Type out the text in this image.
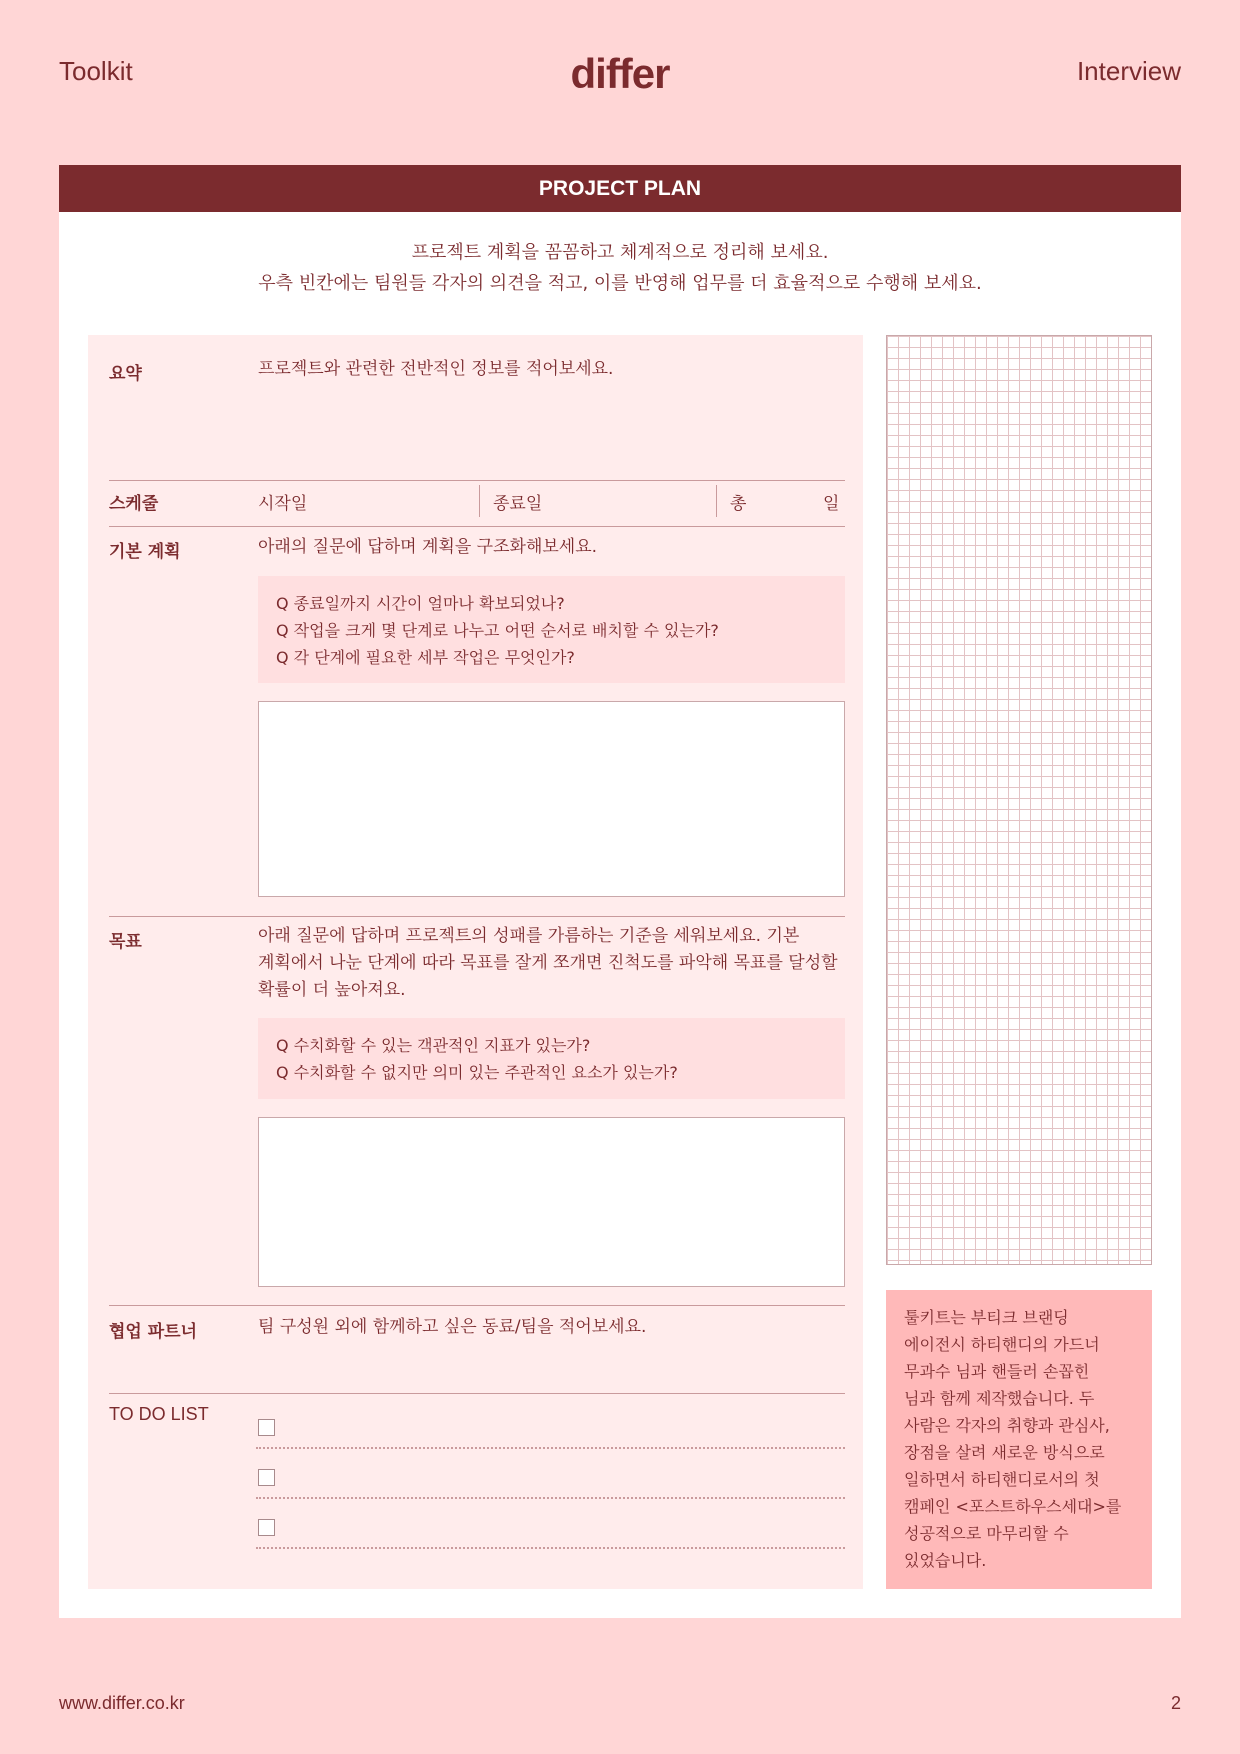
Toolkit	differ	Interview
PROJECT PLAN
프로젝트 계획을 꼼꼼하고 체계적으로 정리해 보세요.
우측 빈칸에는 팀원들 각자의 의견을 적고, 이를 반영해 업무를 더 효율적으로 수행해 보세요.
요약	프로젝트와 관련한 전반적인 정보를 적어보세요.
스케줄	시작일	종료일	총	일
기본 계획	아래의 질문에 답하며 계획을 구조화해보세요.
Q 종료일까지 시간이 얼마나 확보되었나?
Q 작업을 크게 몇 단계로 나누고 어떤 순서로 배치할 수 있는가?
Q 각 단계에 필요한 세부 작업은 무엇인가?
목표	아래 질문에 답하며 프로젝트의 성패를 가름하는 기준을 세워보세요. 기본
계획에서 나눈 단계에 따라 목표를 잘게 쪼개면 진척도를 파악해 목표를 달성할
확률이 더 높아져요.
Q 수치화할 수 있는 객관적인 지표가 있는가?
Q 수치화할 수 없지만 의미 있는 주관적인 요소가 있는가?
협업 파트너	팀 구성원 외에 함께하고 싶은 동료/팀을 적어보세요.
TO DO LIST
툴키트는 부티크 브랜딩
에이전시 하티핸디의 가드너
무과수 님과 핸들러 손꼽힌
님과 함께 제작했습니다. 두
사람은 각자의 취향과 관심사,
장점을 살려 새로운 방식으로
일하면서 하티핸디로서의 첫
캠페인 <포스트하우스세대>를
성공적으로 마무리할 수
있었습니다.
www.differ.co.kr	2
